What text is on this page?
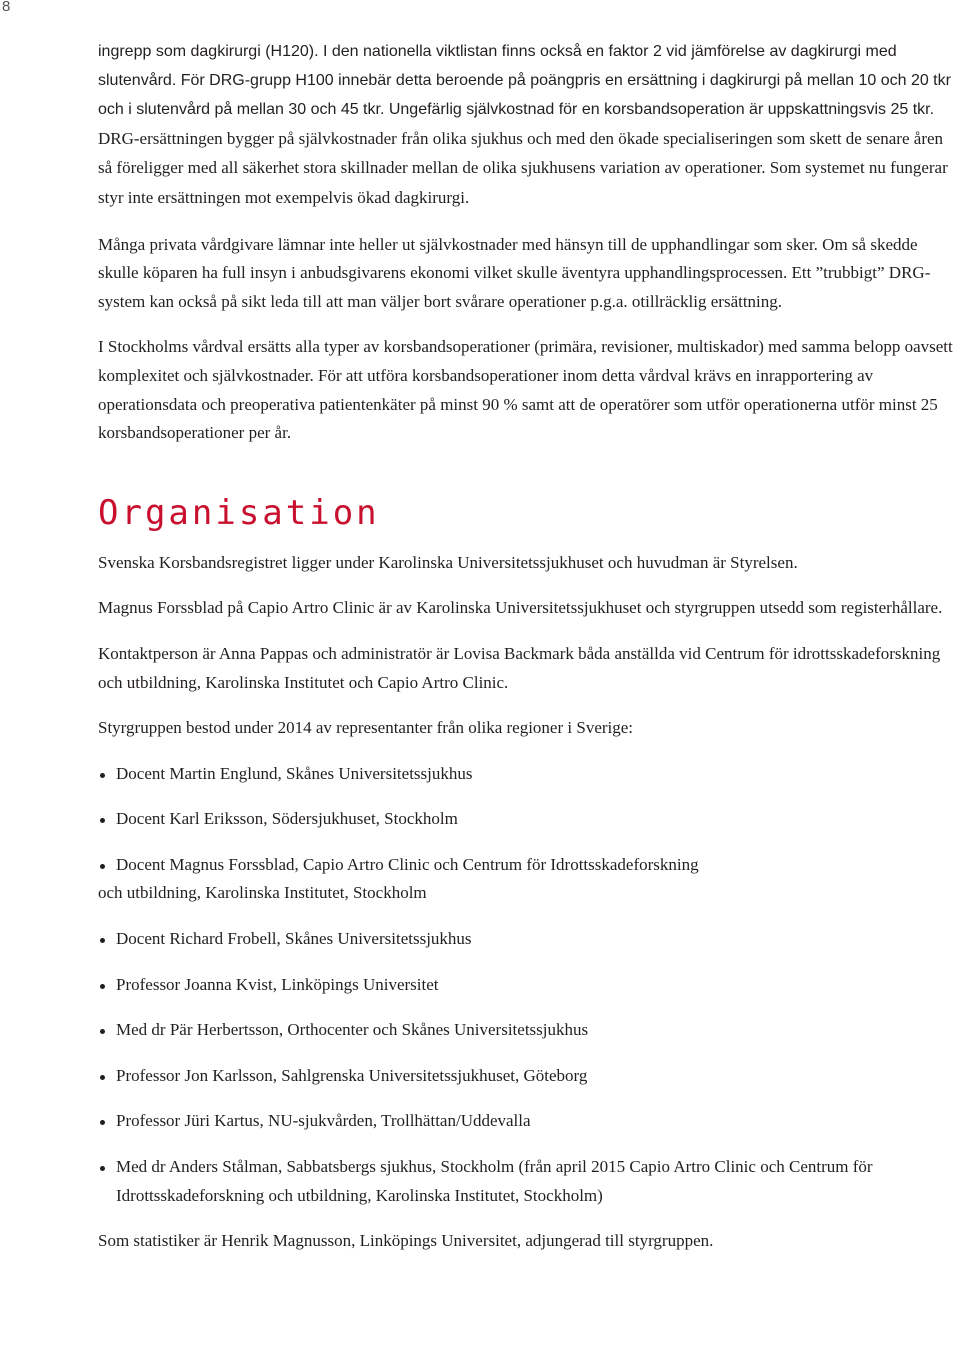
8

ingrepp som dagkirurgi (H120). I den nationella viktlistan finns också en faktor 2 vid jämförelse av dagkirurgi med slutenvård. För DRG-grupp H100 innebär detta beroende på poängpris en ersättning i dagkirurgi på mellan 10 och 20 tkr och i slutenvård på mellan 30 och 45 tkr. Ungefärlig självkostnad för en korsbandsoperation är uppskattningsvis 25 tkr. DRG-ersättningen bygger på självkostnader från olika sjukhus och med den ökade specialiseringen som skett de senare åren så föreligger med all säkerhet stora skillnader mellan de olika sjukhusens variation av operationer. Som systemet nu fungerar styr inte ersättningen mot exempelvis ökad dagkirurgi.

Många privata vårdgivare lämnar inte heller ut självkostnader med hänsyn till de upphandlingar som sker. Om så skedde skulle köparen ha full insyn i anbudsgivarens ekonomi vilket skulle äventyra upphandlingsprocessen. Ett ”trubbigt” DRG-system kan också på sikt leda till att man väljer bort svårare operationer p.g.a. otillräcklig ersättning.

I Stockholms vårdval ersätts alla typer av korsbandsoperationer (primära, revisioner, multiskador) med samma belopp oavsett komplexitet och självkostnader. För att utföra korsbandsoperationer inom detta vårdval krävs en inrapportering av operationsdata och preoperativa patientenkäter på minst 90 % samt att de operatörer som utför operationerna utför minst 25 korsbandsoperationer per år.

Organisation

Svenska Korsbandsregistret ligger under Karolinska Universitetssjukhuset och huvudman är Styrelsen.

Magnus Forssblad på Capio Artro Clinic är av Karolinska Universitetssjukhuset och styrgruppen utsedd som registerhållare.

Kontaktperson är Anna Pappas och administratör är Lovisa Backmark båda anställda vid Centrum för idrottsskadeforskning och utbildning, Karolinska Institutet och Capio Artro Clinic.

Styrgruppen bestod under 2014 av representanter från olika regioner i Sverige:

Docent Martin Englund, Skånes Universitetssjukhus
Docent Karl Eriksson, Södersjukhuset, Stockholm
Docent Magnus Forssblad, Capio Artro Clinic och Centrum för Idrottsskadeforskning

och utbildning, Karolinska Institutet, Stockholm

Docent Richard Frobell, Skånes Universitetssjukhus
Professor Joanna Kvist, Linköpings Universitet
Med dr Pär Herbertsson, Orthocenter och Skånes Universitetssjukhus
Professor Jon Karlsson, Sahlgrenska Universitetssjukhuset, Göteborg
Professor Jüri Kartus, NU-sjukvården, Trollhättan/Uddevalla
Med dr Anders Stålman, Sabbatsbergs sjukhus, Stockholm (från april 2015 Capio Artro Clinic och Centrum för Idrottsskadeforskning och utbildning, Karolinska Institutet, Stockholm)

Som statistiker är Henrik Magnusson, Linköpings Universitet, adjungerad till styrgruppen.
